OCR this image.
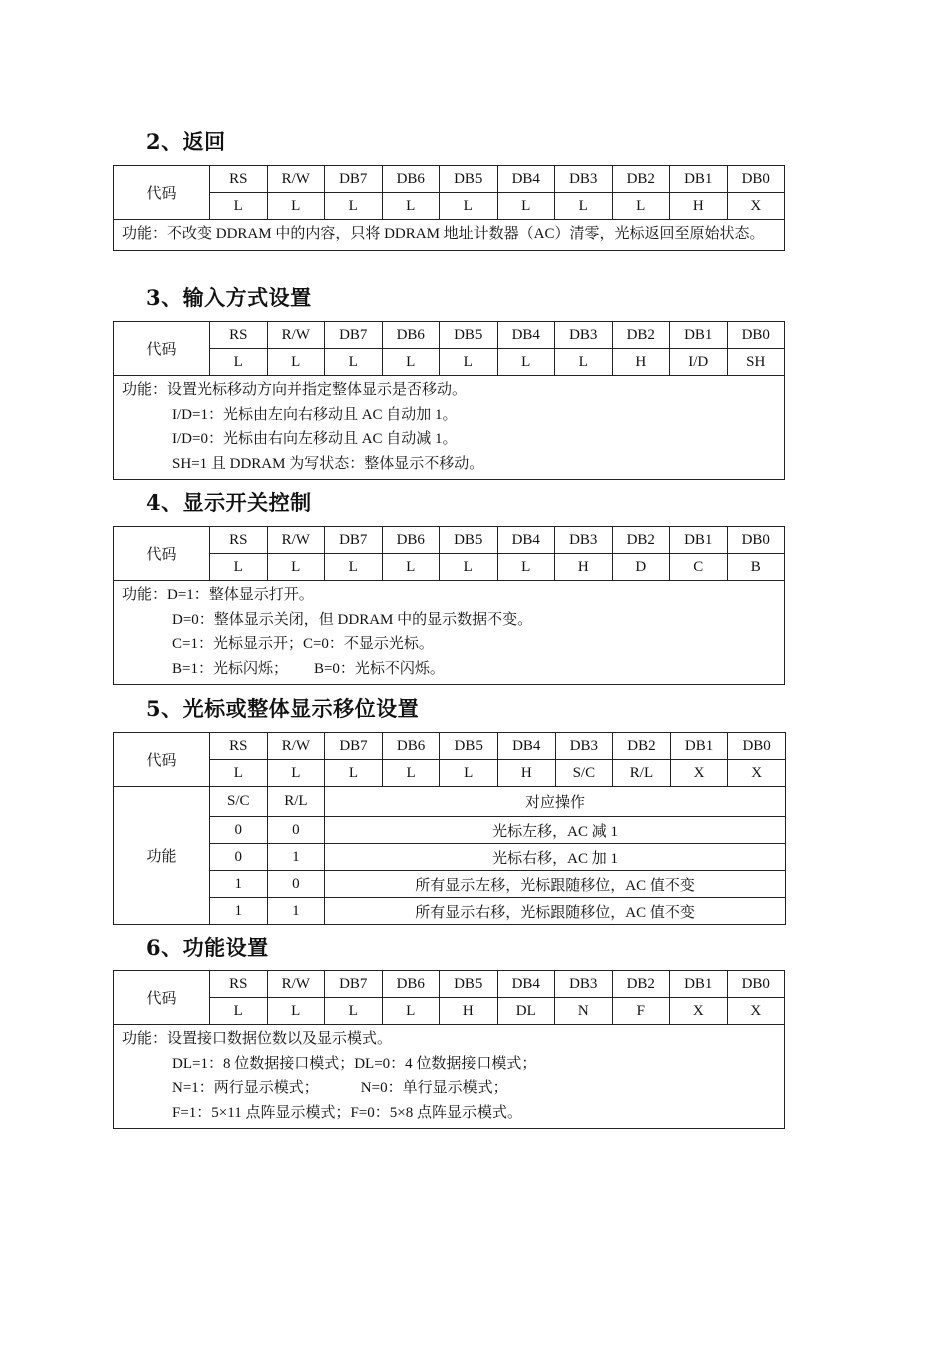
2、返回
代码	RS	R/W	DB7	DB6	DB5	DB4	DB3	DB2	DB1	DB0
	L	L	L	L	L	L	L	L	H	X
功能：不改变 DDRAM 中的内容，只将 DDRAM 地址计数器（AC）清零，光标返回至原始状态。										
3、输入方式设置
代码	RS	R/W	DB7	DB6	DB5	DB4	DB3	DB2	DB1	DB0
	L	L	L	L	L	L	L	H	I/D	SH
功能：设置光标移动方向并指定整体显示是否移动。
I/D=1：光标由左向右移动且 AC 自动加 1。
I/D=0：光标由右向左移动且 AC 自动减 1。
SH=1 且 DDRAM 为写状态：整体显示不移动。										
4、显示开关控制
代码	RS	R/W	DB7	DB6	DB5	DB4	DB3	DB2	DB1	DB0
	L	L	L	L	L	L	H	D	C	B
功能：D=1：整体显示打开。
D=0：整体显示关闭，但 DDRAM 中的显示数据不变。
C=1：光标显示开；C=0：不显示光标。
B=1：光标闪烁； B=0：光标不闪烁。										
5、光标或整体显示移位设置
代码	RS	R/W	DB7	DB6	DB5	DB4	DB3	DB2	DB1	DB0
	L	L	L	L	L	H	S/C	R/L	X	X
功能	S/C	R/L	对应操作							
	0	0	光标左移，AC 减 1							
	0	1	光标右移，AC 加 1							
	1	0	所有显示左移，光标跟随移位，AC 值不变							
	1	1	所有显示右移，光标跟随移位，AC 值不变							
6、功能设置
代码	RS	R/W	DB7	DB6	DB5	DB4	DB3	DB2	DB1	DB0
	L	L	L	L	H	DL	N	F	X	X
功能：设置接口数据位数以及显示模式。
DL=1：8 位数据接口模式；DL=0：4 位数据接口模式；
N=1：两行显示模式； N=0：单行显示模式；
F=1：5×11 点阵显示模式；F=0：5×8 点阵显示模式。										
